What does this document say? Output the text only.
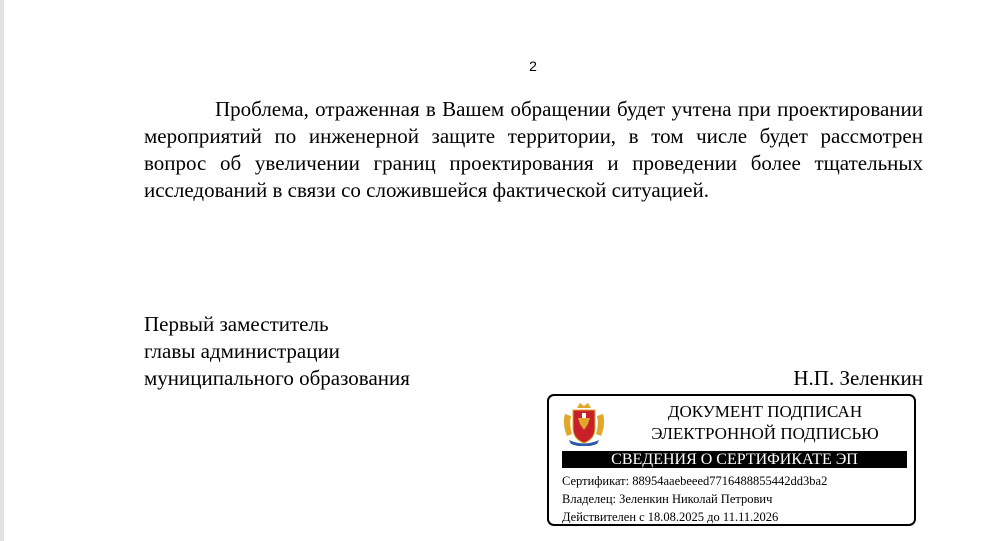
2

Проблема, отраженная в Вашем обращении будет учтена при проектировании мероприятий по инженерной защите территории, в том числе будет рассмотрен вопрос об увеличении границ проектирования и проведении более тщательных исследований в связи со сложившейся фактической ситуацией.

Первый заместитель
главы администрации
муниципального образования	Н.П. Зеленкин
ДОКУМЕНТ ПОДПИСАН
ЭЛЕКТРОННОЙ ПОДПИСЬЮ
СВЕДЕНИЯ О СЕРТИФИКАТЕ ЭП
Сертификат: 88954aaebeeed7716488855442dd3ba2
Владелец: Зеленкин Николай Петрович
Действителен с 18.08.2025 до 11.11.2026
